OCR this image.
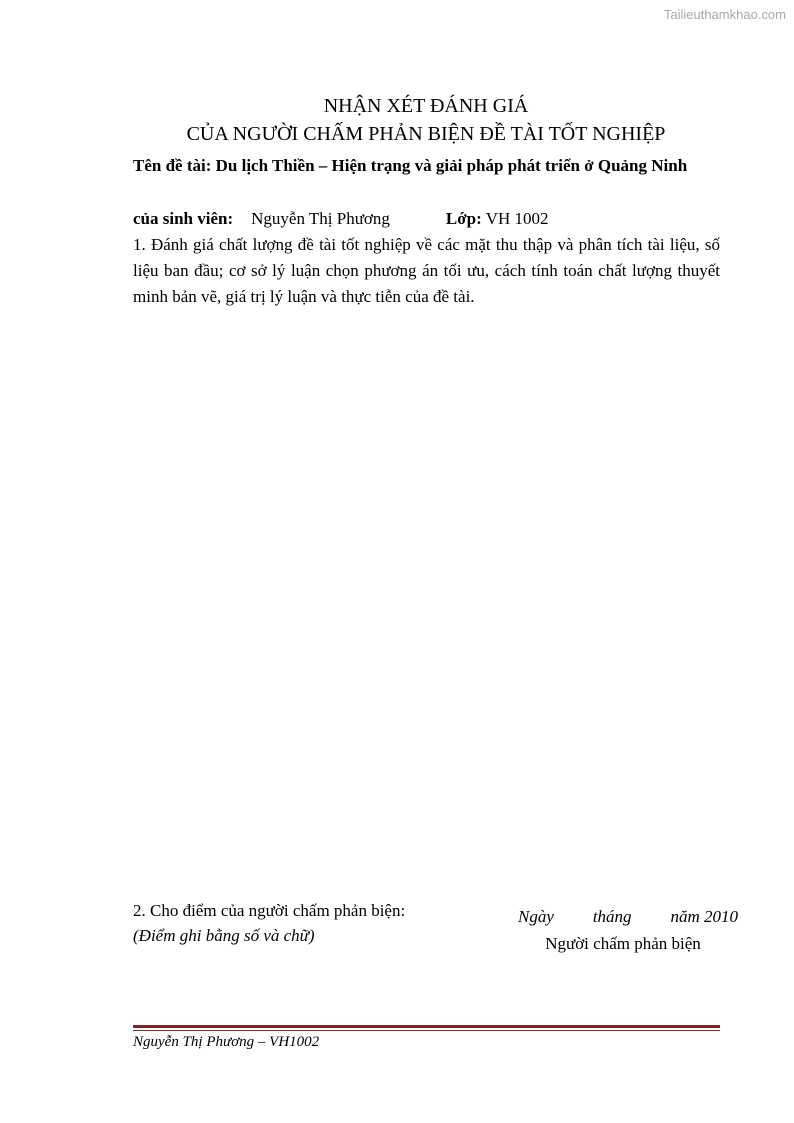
Tailieuthamkhao.com
NHẬN XÉT ĐÁNH GIÁ
CỦA NGƯỜI CHẤM PHẢN BIỆN ĐỀ TÀI TỐT NGHIỆP
Tên đề tài: Du lịch Thiền – Hiện trạng và giải pháp phát triển ở Quảng Ninh
của sinh viên: Nguyễn Thị Phương	Lớp: VH 1002
1. Đánh giá chất lượng đề tài tốt nghiệp về các mặt thu thập và phân tích tài liệu, số liệu ban đầu; cơ sở lý luận chọn phương án tối ưu, cách tính toán chất lượng thuyết minh bản vẽ, giá trị lý luận và thực tiễn của đề tài.
2. Cho điểm của người chấm phản biện:
(Điểm ghi bằng số và chữ)
Ngày tháng năm 2010
Người chấm phản biện
Nguyễn Thị Phương – VH1002
